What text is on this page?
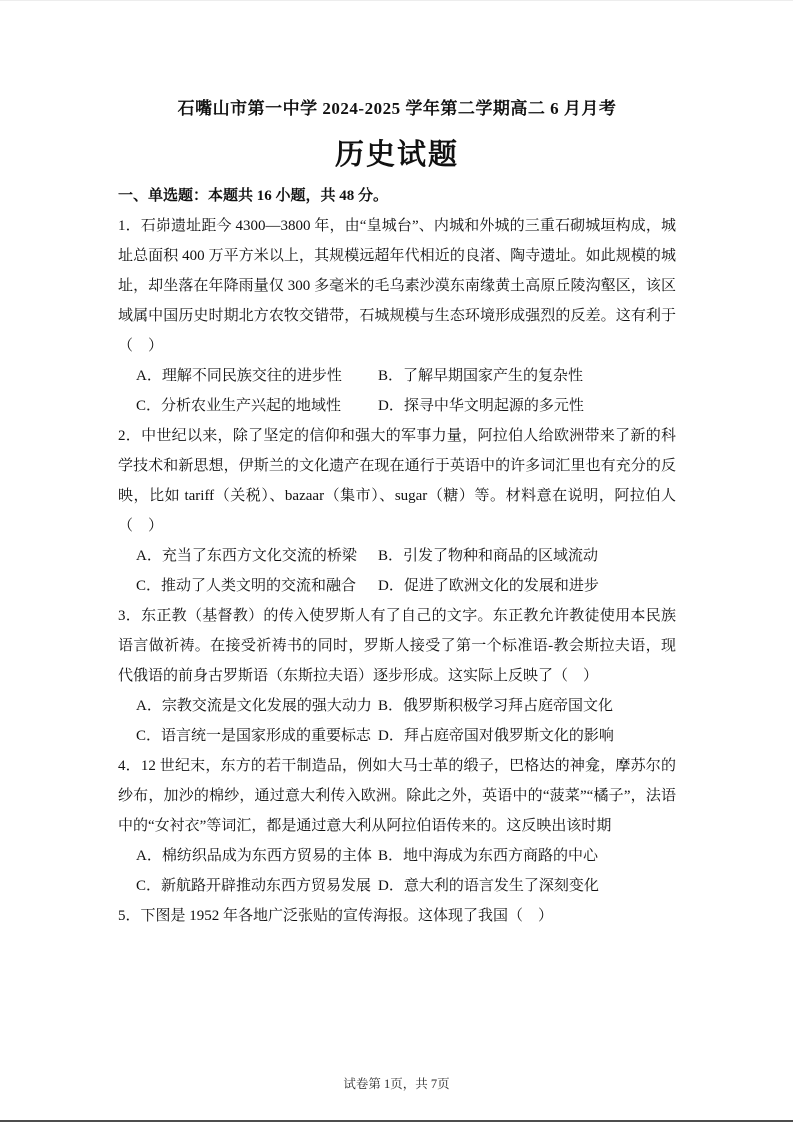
石嘴山市第一中学 2024-2025 学年第二学期高二 6 月月考
历史试题
一、单选题：本题共 16 小题，共 48 分。

1．石峁遗址距今 4300—3800 年，由“皇城台”、内城和外城的三重石砌城垣构成，城址总面积 400 万平方米以上，其规模远超年代相近的良渚、陶寺遗址。如此规模的城址，却坐落在年降雨量仅 300 多毫米的毛乌素沙漠东南缘黄土高原丘陵沟壑区，该区域属中国历史时期北方农牧交错带，石城规模与生态环境形成强烈的反差。这有利于（　）

A．理解不同民族交往的进步性	B．了解早期国家产生的复杂性
C．分析农业生产兴起的地域性	D．探寻中华文明起源的多元性

2．中世纪以来，除了坚定的信仰和强大的军事力量，阿拉伯人给欧洲带来了新的科学技术和新思想，伊斯兰的文化遗产在现在通行于英语中的许多词汇里也有充分的反映，比如 tariff（关税）、bazaar（集市）、sugar（糖）等。材料意在说明，阿拉伯人（　）

A．充当了东西方文化交流的桥梁	B．引发了物种和商品的区域流动
C．推动了人类文明的交流和融合	D．促进了欧洲文化的发展和进步

3．东正教（基督教）的传入使罗斯人有了自己的文字。东正教允许教徒使用本民族语言做祈祷。在接受祈祷书的同时，罗斯人接受了第一个标准语-教会斯拉夫语，现代俄语的前身古罗斯语（东斯拉夫语）逐步形成。这实际上反映了（　）

A．宗教交流是文化发展的强大动力 B．俄罗斯积极学习拜占庭帝国文化
C．语言统一是国家形成的重要标志 D．拜占庭帝国对俄罗斯文化的影响

4．12 世纪末，东方的若干制造品，例如大马士革的缎子，巴格达的神龛，摩苏尔的纱布，加沙的棉纱，通过意大利传入欧洲。除此之外，英语中的“菠菜”“橘子”，法语中的“女衬衣”等词汇，都是通过意大利从阿拉伯语传来的。这反映出该时期

A．棉纺织品成为东西方贸易的主体 B．地中海成为东西方商路的中心
C．新航路开辟推动东西方贸易发展 D．意大利的语言发生了深刻变化

5．下图是 1952 年各地广泛张贴的宣传海报。这体现了我国（　）

试卷第 1页，共 7页
